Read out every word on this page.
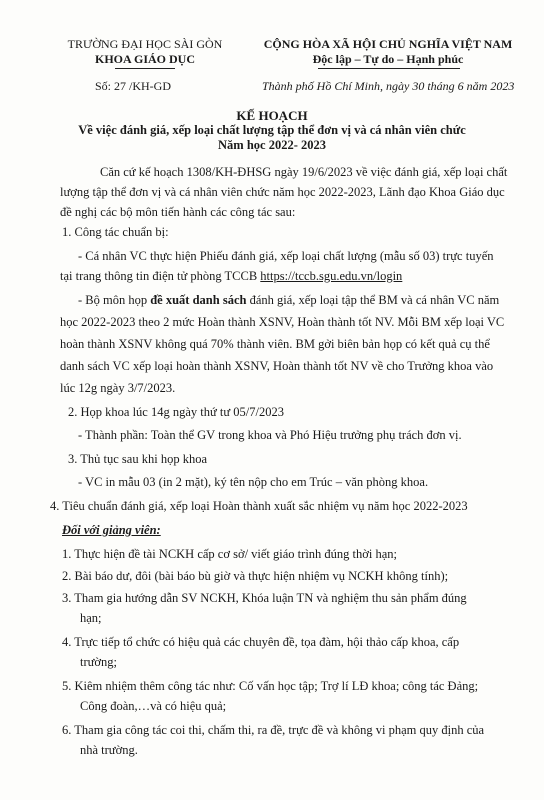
TRƯỜNG ĐẠI HỌC SÀI GÒN
KHOA GIÁO DỤC
Số: 27 /KH-GD
CỘNG HÒA XÃ HỘI CHỦ NGHĨA VIỆT NAM
Độc lập – Tự do – Hạnh phúc
Thành phố Hồ Chí Minh, ngày 30 tháng 6 năm 2023
KẾ HOẠCH
Về việc đánh giá, xếp loại chất lượng tập thể đơn vị và cá nhân viên chức
Năm học 2022- 2023
Căn cứ kế hoạch 1308/KH-ĐHSG ngày 19/6/2023 về việc đánh giá, xếp loại chất
lượng tập thể đơn vị và cá nhân viên chức năm học 2022-2023, Lãnh đạo Khoa Giáo dục
đề nghị các bộ môn tiến hành các công tác sau:
1. Công tác chuẩn bị:
- Cá nhân VC thực hiện Phiếu đánh giá, xếp loại chất lượng (mẫu số 03) trực tuyến
tại trang thông tin điện tử phòng TCCB https://tccb.sgu.edu.vn/login
- Bộ môn họp đề xuất danh sách đánh giá, xếp loại tập thể BM và cá nhân VC năm
học 2022-2023 theo 2 mức Hoàn thành XSNV, Hoàn thành tốt NV. Mỗi BM xếp loại VC
hoàn thành XSNV không quá 70% thành viên. BM gởi biên bản họp có kết quả cụ thể
danh sách VC xếp loại hoàn thành XSNV, Hoàn thành tốt NV về cho Trưởng khoa vào
lúc 12g ngày 3/7/2023.
2. Họp khoa lúc 14g ngày thứ tư 05/7/2023
- Thành phần: Toàn thể GV trong khoa và Phó Hiệu trưởng phụ trách đơn vị.
3. Thủ tục sau khi họp khoa
- VC in mẫu 03 (in 2 mặt), ký tên nộp cho em Trúc – văn phòng khoa.
4. Tiêu chuẩn đánh giá, xếp loại Hoàn thành xuất sắc nhiệm vụ năm học 2022-2023
Đối với giảng viên:
1. Thực hiện đề tài NCKH cấp cơ sở/ viết giáo trình đúng thời hạn;
2. Bài báo dư, đôi (bài báo bù giờ và thực hiện nhiệm vụ NCKH không tính);
3. Tham gia hướng dẫn SV NCKH, Khóa luận TN và nghiệm thu sản phẩm đúng
hạn;
4. Trực tiếp tổ chức có hiệu quả các chuyên đề, tọa đàm, hội thảo cấp khoa, cấp
trường;
5. Kiêm nhiệm thêm công tác như: Cố vấn học tập; Trợ lí LĐ khoa; công tác Đảng;
Công đoàn,…và có hiệu quả;
6. Tham gia công tác coi thi, chấm thi, ra đề, trực đề và không vi phạm quy định của
nhà trường.
